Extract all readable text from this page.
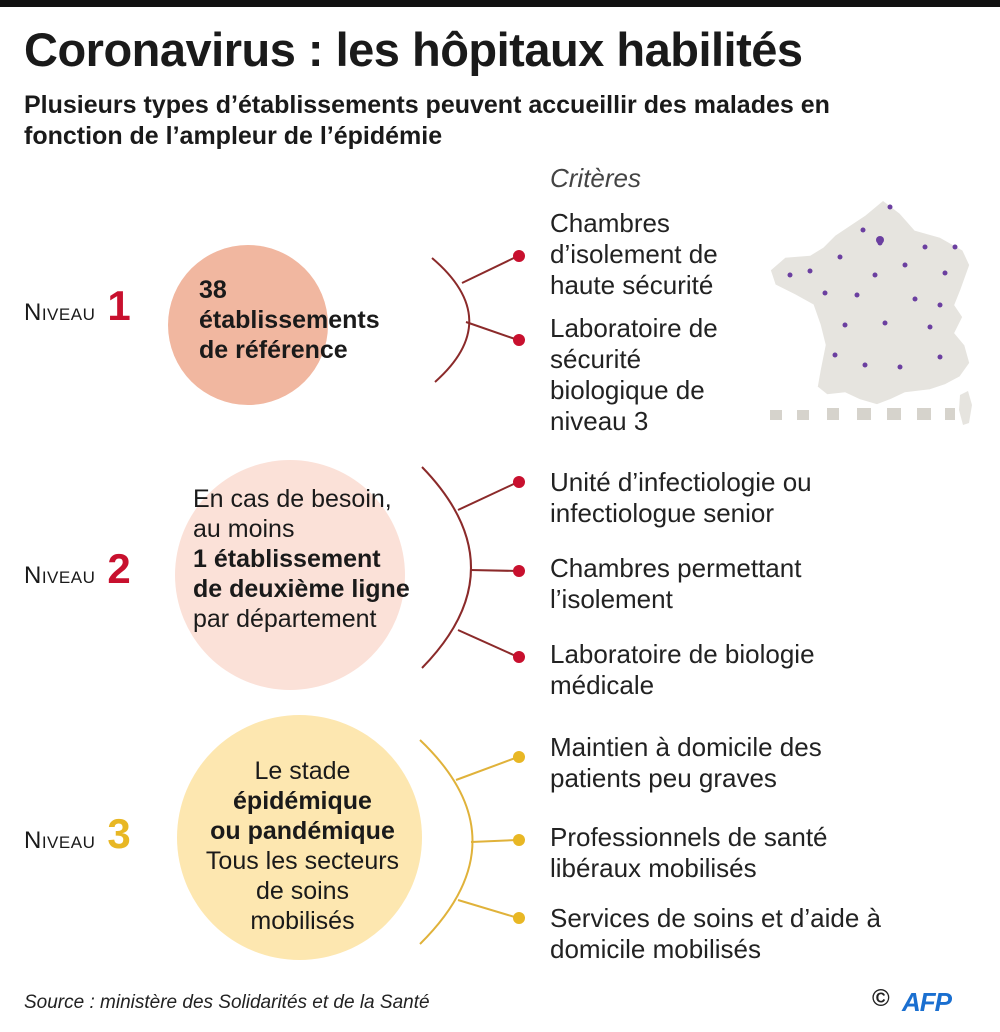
Coronavirus : les hôpitaux habilités
Plusieurs types d’établissements peuvent accueillir des malades en fonction de l’ampleur de l’épidémie
Critères
Niveau 1	38
établissements
de référence
Chambres d’isolement de haute sécurité
Laboratoire de sécurité biologique de niveau 3
Niveau 2
En cas de besoin,
au moins
1 établissement
de deuxième ligne
par département
Unité d’infectiologie ou infectiologue senior
Chambres permettant l’isolement
Laboratoire de biologie médicale
Niveau 3
Le stade
épidémique
ou pandémique
Tous les secteurs
de soins
mobilisés
Maintien à domicile des patients peu graves
Professionnels de santé libéraux mobilisés
Services de soins et d’aide à domicile mobilisés
Source : ministère des Solidarités et de la Santé	© AFP
